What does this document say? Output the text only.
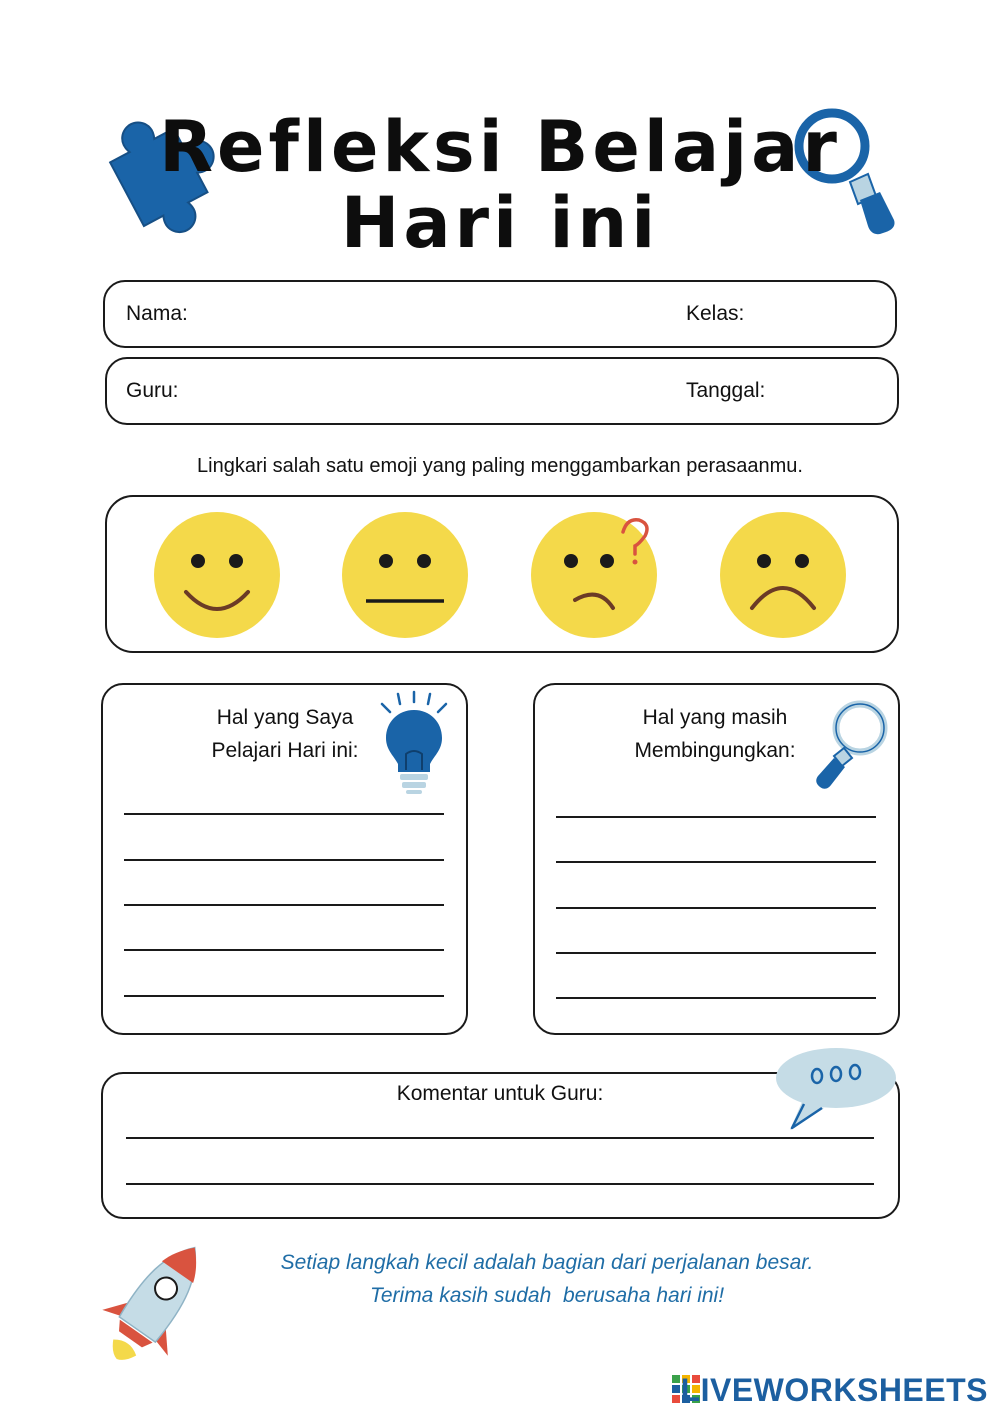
Refleksi Belajar
Hari ini
Nama:	Kelas:
Guru:	Tanggal:
Lingkari salah satu emoji yang paling menggambarkan perasaanmu.
Hal yang Saya
Pelajari Hari ini:
Hal yang masih
Membingungkan:
Komentar untuk Guru:
Setiap langkah kecil adalah bagian dari perjalanan besar.
Terima kasih sudah  berusaha hari ini!
LIVEWORKSHEETS
